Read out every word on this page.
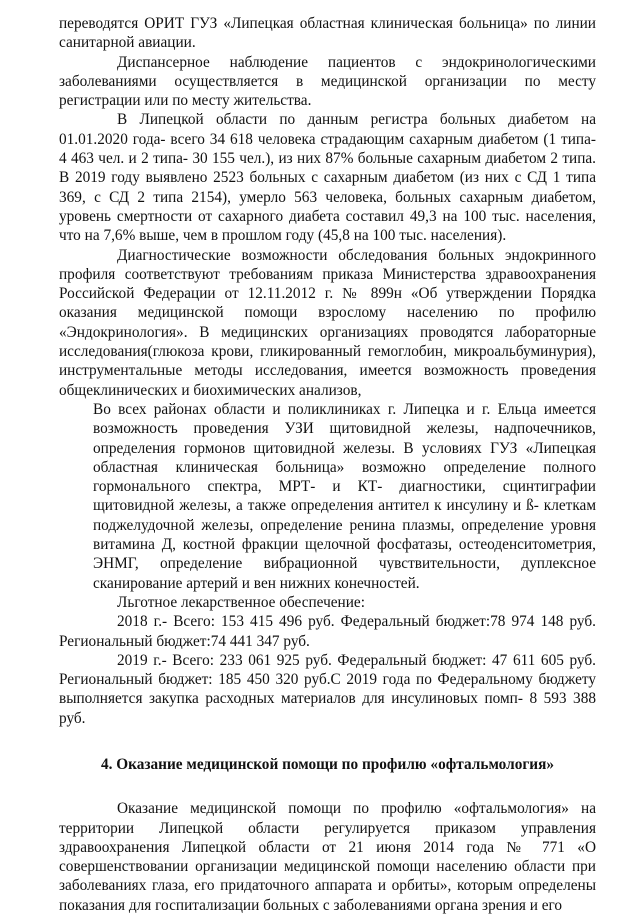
переводятся ОРИТ ГУЗ «Липецкая областная клиническая больница» по линии санитарной авиации.

Диспансерное наблюдение пациентов с эндокринологическими заболеваниями осуществляется в медицинской организации по месту регистрации или по месту жительства.

В Липецкой области по данным регистра больных диабетом на 01.01.2020 года- всего 34 618 человека страдающим сахарным диабетом (1 типа- 4 463 чел. и 2 типа- 30 155 чел.), из них 87% больные сахарным диабетом 2 типа. В 2019 году выявлено 2523 больных с сахарным диабетом (из них с СД 1 типа 369, с СД 2 типа 2154), умерло 563 человека, больных сахарным диабетом, уровень смертности от сахарного диабета составил 49,3 на 100 тыс. населения, что на 7,6% выше, чем в прошлом году (45,8 на 100 тыс. населения).

Диагностические возможности обследования больных эндокринного профиля соответствуют требованиям приказа Министерства здравоохранения Российской Федерации от 12.11.2012 г. № 899н «Об утверждении Порядка оказания медицинской помощи взрослому населению по профилю «Эндокринология». В медицинских организациях проводятся лабораторные исследования(глюкоза крови, гликированный гемоглобин, микроальбуминурия), инструментальные методы исследования, имеется возможность проведения общеклинических и биохимических анализов,

Во всех районах области и поликлиниках г. Липецка и г. Ельца имеется возможность проведения УЗИ щитовидной железы, надпочечников, определения гормонов щитовидной железы. В условиях ГУЗ «Липецкая областная клиническая больница» возможно определение полного гормонального спектра, МРТ- и КТ- диагностики, сцинтиграфии щитовидной железы, а также определения антител к инсулину и ß- клеткам поджелудочной железы, определение ренина плазмы, определение уровня витамина Д, костной фракции щелочной фосфатазы, остеоденситометрия, ЭНМГ, определение вибрационной чувствительности, дуплексное сканирование артерий и вен нижних конечностей.

Льготное лекарственное обеспечение:

2018 г.- Всего: 153 415 496 руб. Федеральный бюджет:78 974 148 руб. Региональный бюджет:74 441 347 руб.

2019 г.- Всего: 233 061 925 руб. Федеральный бюджет: 47 611 605 руб. Региональный бюджет: 185 450 320 руб.С 2019 года по Федеральному бюджету выполняется закупка расходных материалов для инсулиновых помп- 8 593 388 руб.

4. Оказание медицинской помощи по профилю «офтальмология»

Оказание медицинской помощи по профилю «офтальмология» на территории Липецкой области регулируется приказом управления здравоохранения Липецкой области от 21 июня 2014 года № 771 «О совершенствовании организации медицинской помощи населению области при заболеваниях глаза, его придаточного аппарата и орбиты», которым определены показания для госпитализации больных с заболеваниями органа зрения и его
